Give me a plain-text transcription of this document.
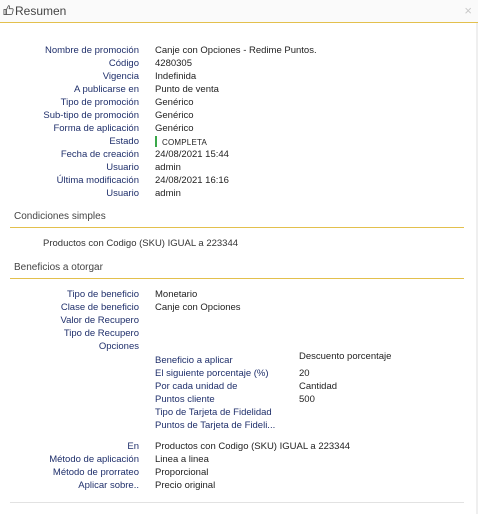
Resumen	×
Nombre de promoción Canje con Opciones - Redime Puntos.
Código 4280305
Vigencia Indefinida
A publicarse en Punto de venta
Tipo de promoción Genérico
Sub-tipo de promoción Genérico
Forma de aplicación Genérico
Estado	COMPLETA
Fecha de creación 24/08/2021 15:44
Usuario admin
Última modificación 24/08/2021 16:16
Usuario admin
Condiciones simples
Productos con Codigo (SKU) IGUAL a 223344
Beneficios a otorgar
Tipo de beneficio Monetario
Clase de beneficio Canje con Opciones
Valor de Recupero
Tipo de Recupero
Opciones
Beneficio a aplicar	Descuento porcentaje
El siguiente porcentaje (%)	20
Por cada unidad de	Cantidad
Puntos cliente	500
Tipo de Tarjeta de Fidelidad
Puntos de Tarjeta de Fideli...
En Productos con Codigo (SKU) IGUAL a 223344
Método de aplicación Linea a linea
Método de prorrateo Proporcional
Aplicar sobre.. Precio original
